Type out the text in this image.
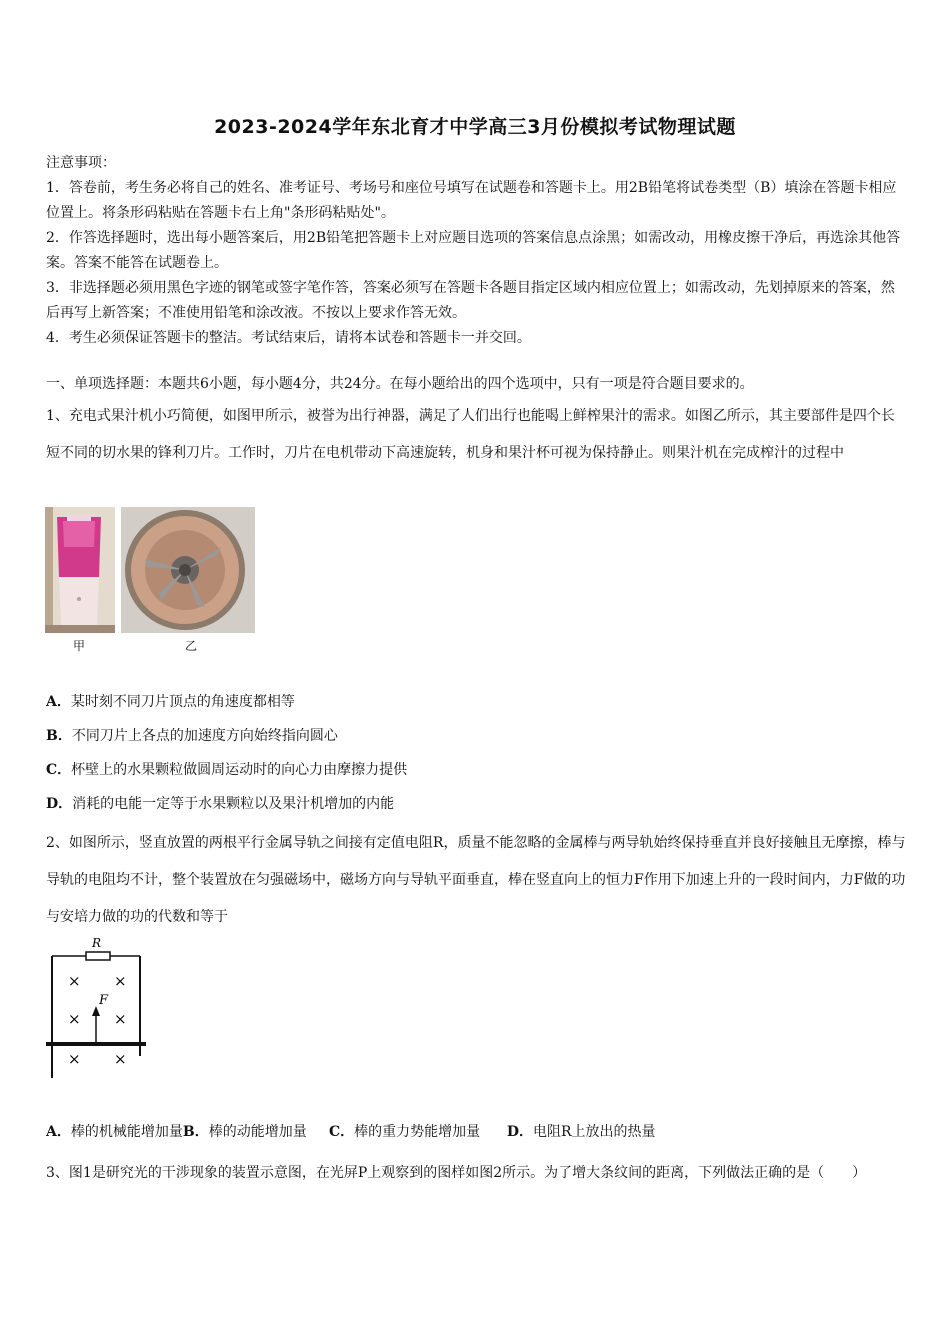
2023-2024学年东北育才中学高三3月份模拟考试物理试题

注意事项：

1．答卷前，考生务必将自己的姓名、准考证号、考场号和座位号填写在试题卷和答题卡上。用2B铅笔将试卷类型（B）填涂在答题卡相应位置上。将条形码粘贴在答题卡右上角"条形码粘贴处"。

2．作答选择题时，选出每小题答案后，用2B铅笔把答题卡上对应题目选项的答案信息点涂黑；如需改动，用橡皮擦干净后，再选涂其他答案。答案不能答在试题卷上。

3．非选择题必须用黑色字迹的钢笔或签字笔作答，答案必须写在答题卡各题目指定区域内相应位置上；如需改动，先划掉原来的答案，然后再写上新答案；不准使用铅笔和涂改液。不按以上要求作答无效。

4．考生必须保证答题卡的整洁。考试结束后，请将本试卷和答题卡一并交回。

一、单项选择题：本题共6小题，每小题4分，共24分。在每小题给出的四个选项中，只有一项是符合题目要求的。
1、充电式果汁机小巧简便，如图甲所示，被誉为出行神器，满足了人们出行也能喝上鲜榨果汁的需求。如图乙所示，其主要部件是四个长短不同的切水果的锋利刀片。工作时，刀片在电机带动下高速旋转，机身和果汁杯可视为保持静止。则果汁机在完成榨汁的过程中
甲	乙
A．某时刻不同刀片顶点的角速度都相等
B．不同刀片上各点的加速度方向始终指向圆心
C．杯壁上的水果颗粒做圆周运动时的向心力由摩擦力提供
D．消耗的电能一定等于水果颗粒以及果汁机增加的内能
2、如图所示，竖直放置的两根平行金属导轨之间接有定值电阻R，质量不能忽略的金属棒与两导轨始终保持垂直并良好接触且无摩擦，棒与导轨的电阻均不计，整个装置放在匀强磁场中，磁场方向与导轨平面垂直，棒在竖直向上的恒力F作用下加速上升的一段时间内，力F做的功与安培力做的功的代数和等于
R
× ×
× ×
× ×
F
A．棒的机械能增加量B．棒的动能增加量 C．棒的重力势能增加量 D．电阻R上放出的热量
3、图1是研究光的干涉现象的装置示意图，在光屏P上观察到的图样如图2所示。为了增大条纹间的距离，下列做法正确的是（　　）
